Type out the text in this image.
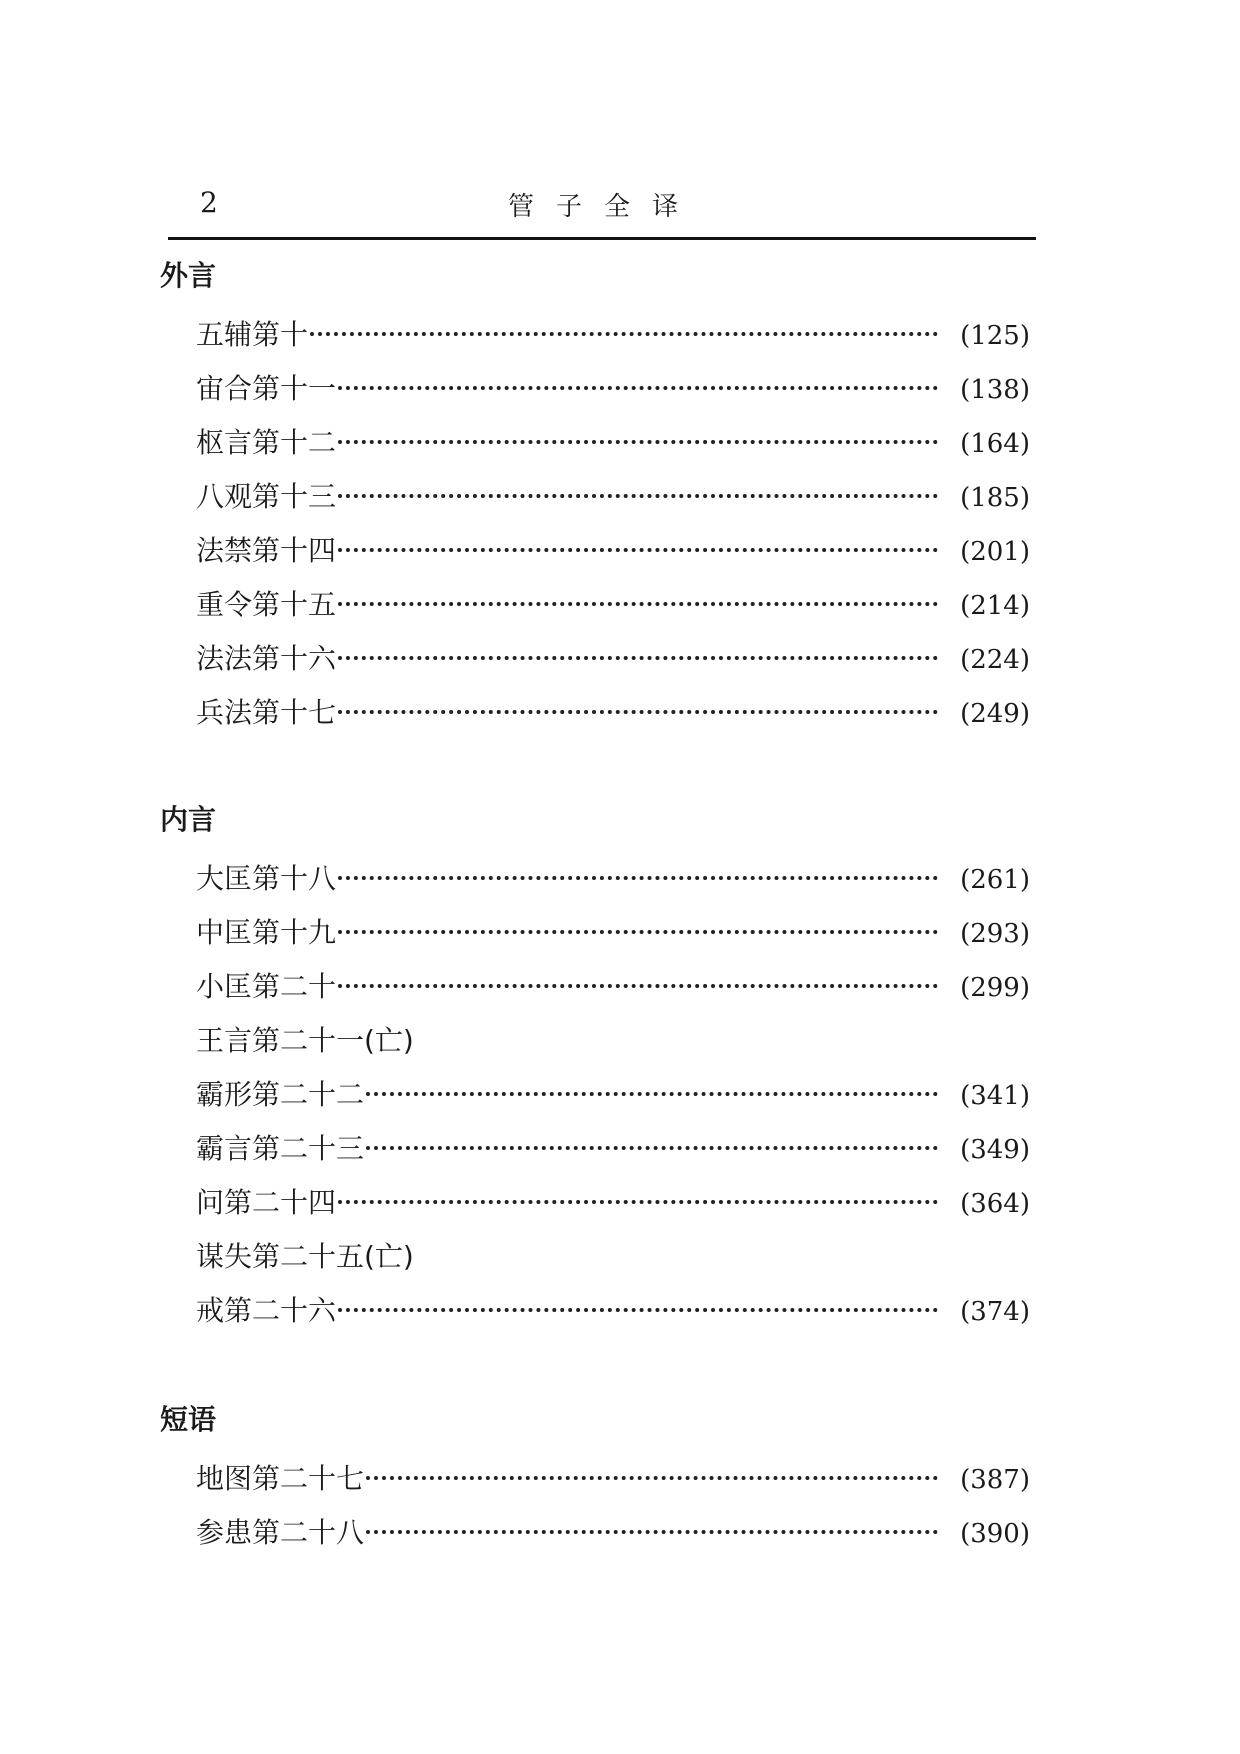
2	管子全译
外言
五辅第十	(125)
宙合第十一	(138)
枢言第十二	(164)
八观第十三	(185)
法禁第十四	(201)
重令第十五	(214)
法法第十六	(224)
兵法第十七	(249)
内言
大匡第十八	(261)
中匡第十九	(293)
小匡第二十	(299)
王言第二十一(亡)
霸形第二十二	(341)
霸言第二十三	(349)
问第二十四	(364)
谋失第二十五(亡)
戒第二十六	(374)
短语
地图第二十七	(387)
参患第二十八	(390)
